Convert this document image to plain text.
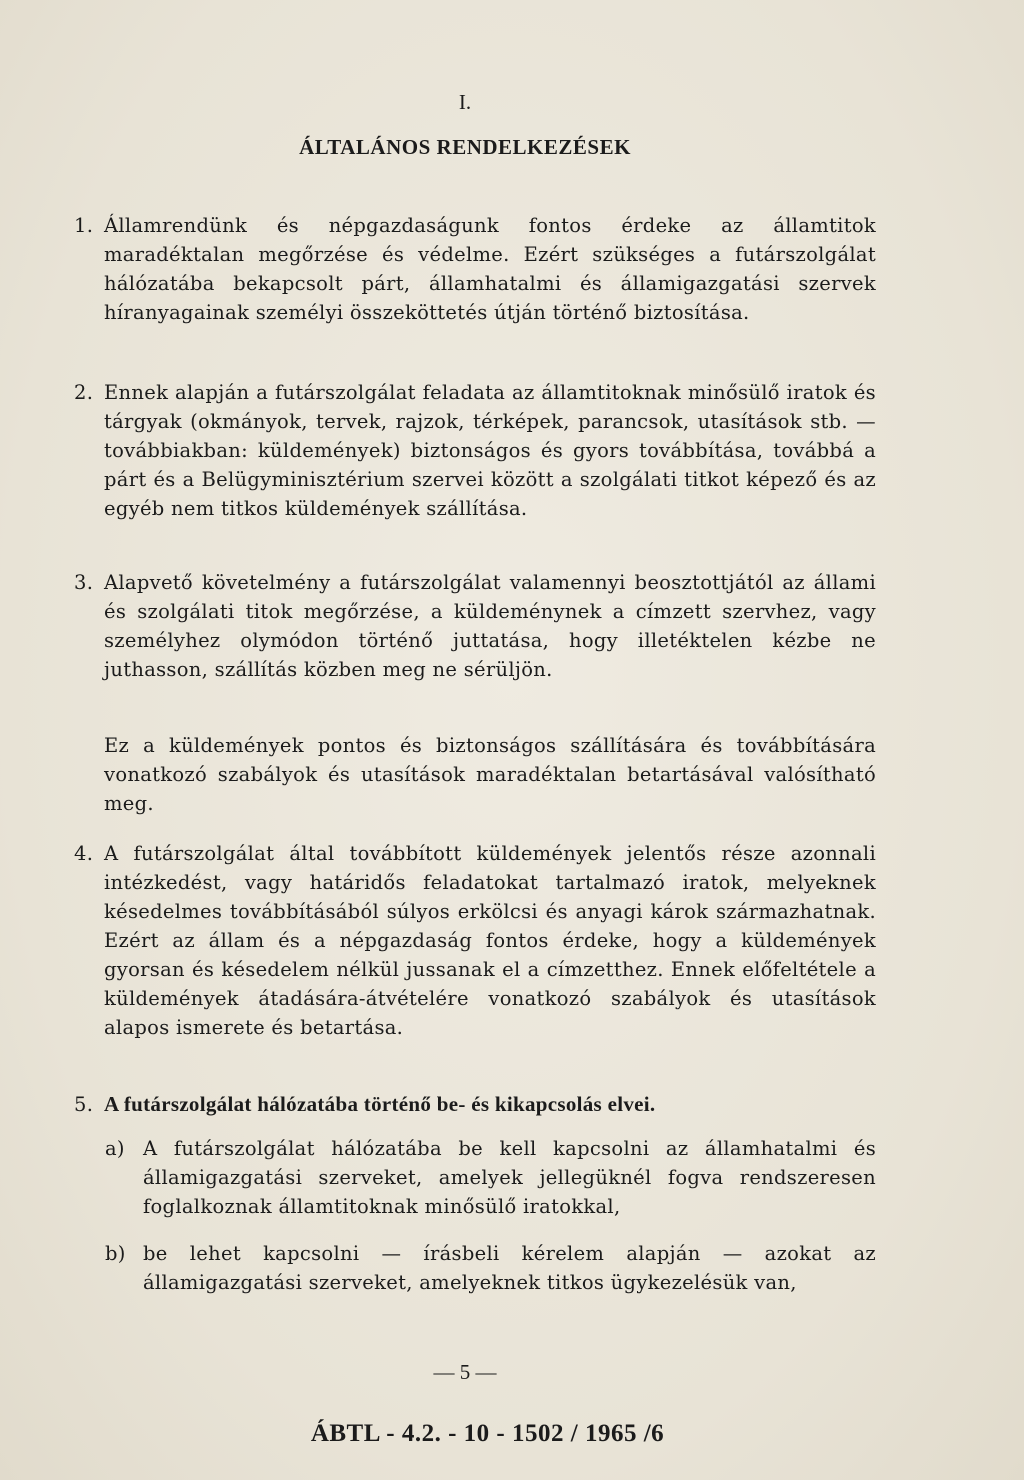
I.
ÁLTALÁNOS RENDELKEZÉSEK
1. Államrendünk és népgazdaságunk fontos érdeke az államtitok maradéktalan megőrzése és védelme. Ezért szükséges a futárszolgálat hálózatába bekapcsolt párt, államhatalmi és államigazgatási szervek híranyagainak személyi összeköttetés útján történő biztosítása.
2. Ennek alapján a futárszolgálat feladata az államtitoknak minősülő iratok és tárgyak (okmányok, tervek, rajzok, térképek, parancsok, utasítások stb. — továbbiakban: küldemények) biztonságos és gyors továbbítása, továbbá a párt és a Belügyminisztérium szervei között a szolgálati titkot képező és az egyéb nem titkos küldemények szállítása.
3. Alapvető követelmény a futárszolgálat valamennyi beosztottjától az állami és szolgálati titok megőrzése, a küldeménynek a címzett szervhez, vagy személyhez olymódon történő juttatása, hogy illetéktelen kézbe ne juthasson, szállítás közben meg ne sérüljön.
Ez a küldemények pontos és biztonságos szállítására és továbbítására vonatkozó szabályok és utasítások maradéktalan betartásával valósítható meg.
4. A futárszolgálat által továbbított küldemények jelentős része azonnali intézkedést, vagy határidős feladatokat tartalmazó iratok, melyeknek késedelmes továbbításából súlyos erkölcsi és anyagi károk származhatnak. Ezért az állam és a népgazdaság fontos érdeke, hogy a küldemények gyorsan és késedelem nélkül jussanak el a címzetthez. Ennek előfeltétele a küldemények átadására-átvételére vonatkozó szabályok és utasítások alapos ismerete és betartása.
5. A futárszolgálat hálózatába történő be- és kikapcsolás elvei.
a) A futárszolgálat hálózatába be kell kapcsolni az államhatalmi és államigazgatási szerveket, amelyek jellegüknél fogva rendszeresen foglalkoznak államtitoknak minősülő iratokkal,
b) be lehet kapcsolni — írásbeli kérelem alapján — azokat az államigazgatási szerveket, amelyeknek titkos ügykezelésük van,
— 5 —
ÁBTL - 4.2. - 10 - 1502 / 1965 /6
